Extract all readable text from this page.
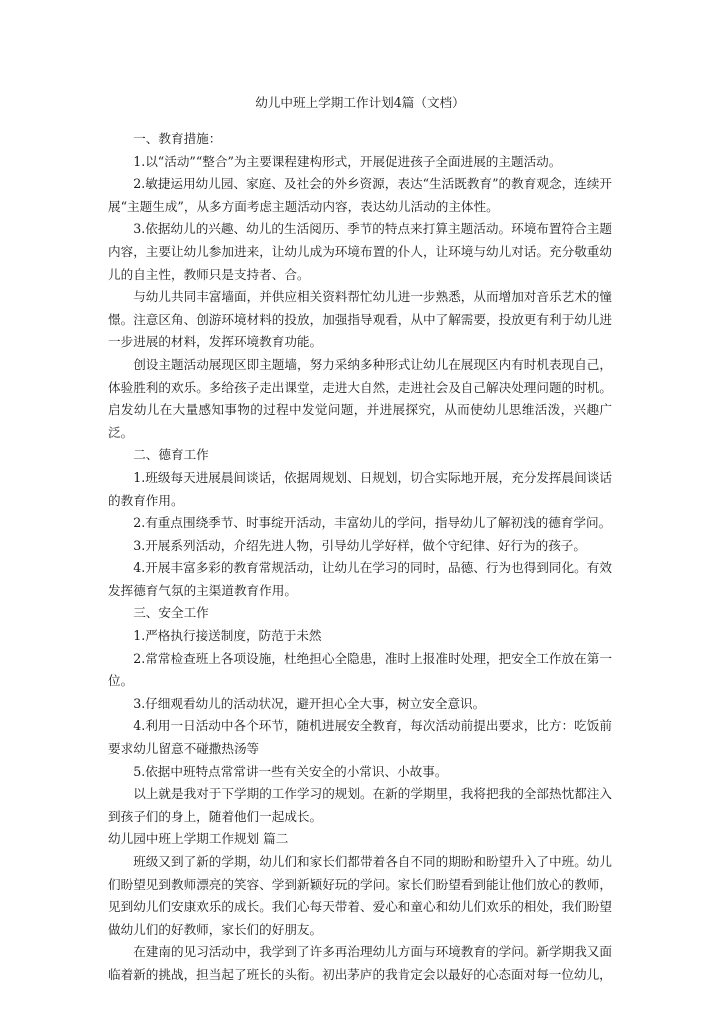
幼儿中班上学期工作计划4篇（文档）
一、教育措施：
1.以“活动”“整合”为主要课程建构形式，开展促进孩子全面进展的主题活动。
2.敏捷运用幼儿园、家庭、及社会的外乡资源，表达“生活既教育”的教育观念，连续开展“主题生成”，从多方面考虑主题活动内容，表达幼儿活动的主体性。
3.依据幼儿的兴趣、幼儿的生活阅历、季节的特点来打算主题活动。环境布置符合主题内容，主要让幼儿参加进来，让幼儿成为环境布置的仆人，让环境与幼儿对话。充分敬重幼儿的自主性，教师只是支持者、合。
与幼儿共同丰富墙面，并供应相关资料帮忙幼儿进一步熟悉，从而增加对音乐艺术的憧憬。注意区角、创游环境材料的投放，加强指导观看，从中了解需要，投放更有利于幼儿进一步进展的材料，发挥环境教育功能。
创设主题活动展现区即主题墙，努力采纳多种形式让幼儿在展现区内有时机表现自己，体验胜利的欢乐。多给孩子走出课堂，走进大自然，走进社会及自己解决处理问题的时机。启发幼儿在大量感知事物的过程中发觉问题，并进展探究，从而使幼儿思维活泼，兴趣广泛。
二、德育工作
1.班级每天进展晨间谈话，依据周规划、日规划，切合实际地开展，充分发挥晨间谈话的教育作用。
2.有重点围绕季节、时事绽开活动，丰富幼儿的学问，指导幼儿了解初浅的德育学问。
3.开展系列活动，介绍先进人物，引导幼儿学好样，做个守纪律、好行为的孩子。
4.开展丰富多彩的教育常规活动，让幼儿在学习的同时，品德、行为也得到同化。有效发挥德育气氛的主渠道教育作用。
三、安全工作
1.严格执行接送制度，防范于未然
2.常常检查班上各项设施，杜绝担心全隐患，准时上报准时处理，把安全工作放在第一位。
3.仔细观看幼儿的活动状况，避开担心全大事，树立安全意识。
4.利用一日活动中各个环节，随机进展安全教育，每次活动前提出要求，比方：吃饭前要求幼儿留意不碰撒热汤等
5.依据中班特点常常讲一些有关安全的小常识、小故事。
以上就是我对于下学期的工作学习的规划。在新的学期里，我将把我的全部热忱都注入到孩子们的身上，随着他们一起成长。
幼儿园中班上学期工作规划 篇二
班级又到了新的学期，幼儿们和家长们都带着各自不同的期盼和盼望升入了中班。幼儿们盼望见到教师漂亮的笑容、学到新颖好玩的学问。家长们盼望看到能让他们放心的教师，见到幼儿们安康欢乐的成长。我们心每天带着、爱心和童心和幼儿们欢乐的相处，我们盼望做幼儿们的好教师，家长们的好朋友。
在建南的见习活动中，我学到了许多再治理幼儿方面与环境教育的学问。新学期我又面临着新的挑战，担当起了班长的头衔。初出茅庐的我肯定会以最好的心态面对每一位幼儿，
